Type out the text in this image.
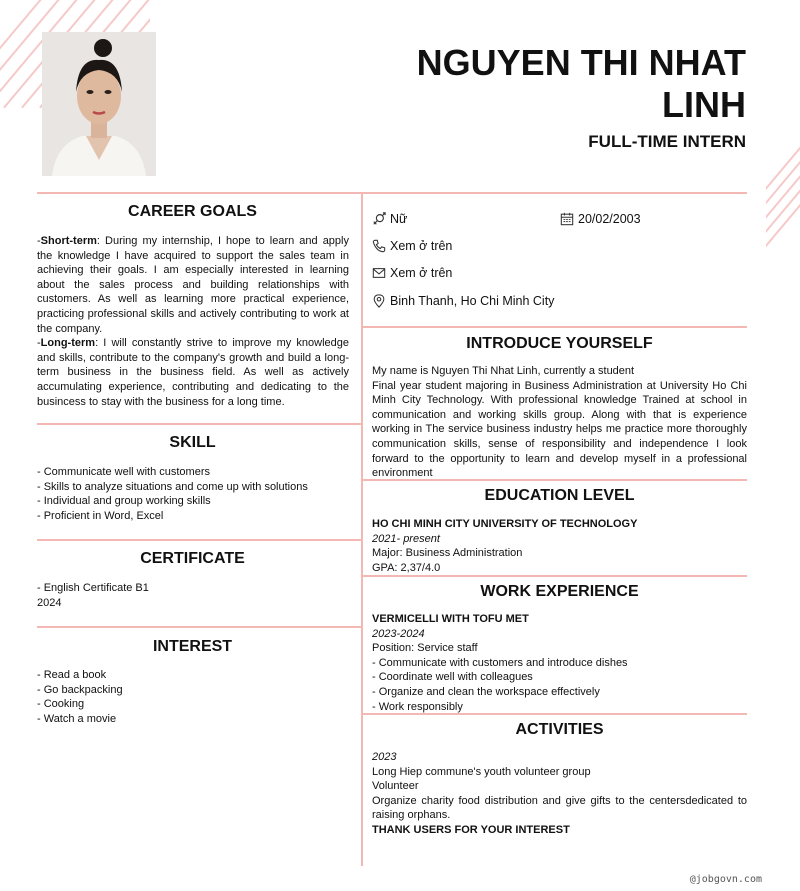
NGUYEN THI NHAT
LINH
FULL-TIME INTERN
CAREER GOALS
-Short-term: During my internship, I hope to learn and apply the knowledge I have acquired to support the sales team in achieving their goals. I am especially interested in learning about the sales process and building relationships with customers. As well as learning more practical experience, practicing professional skills and actively contributing to work at the company.
-Long-term: I will constantly strive to improve my knowledge and skills, contribute to the company's growth and build a long-term business in the business field. As well as actively accumulating experience, contributing and dedicating to the busincess to stay with the business for a long time.
SKILL
- Communicate well with customers
- Skills to analyze situations and come up with solutions
- Individual and group working skills
- Proficient in Word, Excel
CERTIFICATE
- English Certificate B1
2024
INTEREST
- Read a book
- Go backpacking
- Cooking
- Watch a movie
Nữ	20/02/2003
Xem ở trên
Xem ở trên
Binh Thanh, Ho Chi Minh City
INTRODUCE YOURSELF
My name is Nguyen Thi Nhat Linh, currently a student
Final year student majoring in Business Administration at University Ho Chi Minh City Technology. With professional knowledge Trained at school in communication and working skills group. Along with that is experience working in The service business industry helps me practice more thoroughly communication skills, sense of responsibility and independence I look forward to the opportunity to learn and develop myself in a professional environment
EDUCATION LEVEL
HO CHI MINH CITY UNIVERSITY OF TECHNOLOGY
2021- present
Major: Business Administration
GPA: 2,37/4.0
WORK EXPERIENCE
VERMICELLI WITH TOFU MET
2023-2024
Position: Service staff
- Communicate with customers and introduce dishes
- Coordinate well with colleagues
- Organize and clean the workspace effectively
- Work responsibly
ACTIVITIES
2023
Long Hiep commune's youth volunteer group
Volunteer
Organize charity food distribution and give gifts to the centersdedicated to raising orphans.
THANK USERS FOR YOUR INTEREST
@jobgovn.com
